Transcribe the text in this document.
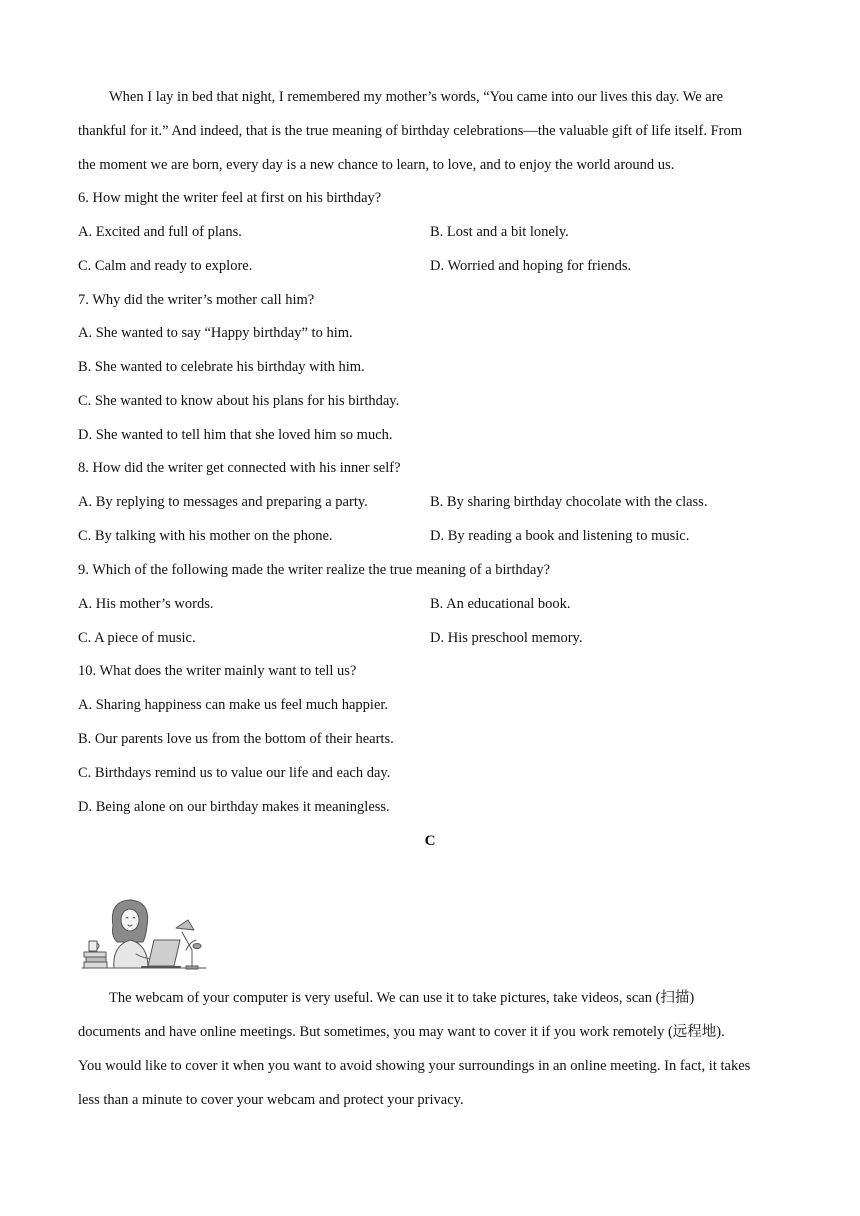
When I lay in bed that night, I remembered my mother’s words, “You came into our lives this day. We are
thankful for it.” And indeed, that is the true meaning of birthday celebrations—the valuable gift of life itself. From
the moment we are born, every day is a new chance to learn, to love, and to enjoy the world around us.
6. How might the writer feel at first on his birthday?
A. Excited and full of plans.	B. Lost and a bit lonely.
C. Calm and ready to explore.	D. Worried and hoping for friends.
7. Why did the writer’s mother call him?
A. She wanted to say “Happy birthday” to him.
B. She wanted to celebrate his birthday with him.
C. She wanted to know about his plans for his birthday.
D. She wanted to tell him that she loved him so much.
8. How did the writer get connected with his inner self?
A. By replying to messages and preparing a party.	B. By sharing birthday chocolate with the class.
C. By talking with his mother on the phone.	D. By reading a book and listening to music.
9. Which of the following made the writer realize the true meaning of a birthday?
A. His mother’s words.	B. An educational book.
C. A piece of music.	D. His preschool memory.
10. What does the writer mainly want to tell us?
A. Sharing happiness can make us feel much happier.
B. Our parents love us from the bottom of their hearts.
C. Birthdays remind us to value our life and each day.
D. Being alone on our birthday makes it meaningless.
C
The webcam of your computer is very useful. We can use it to take pictures, take videos, scan (扫描)
documents and have online meetings. But sometimes, you may want to cover it if you work remotely (远程地).
You would like to cover it when you want to avoid showing your surroundings in an online meeting. In fact, it takes
less than a minute to cover your webcam and protect your privacy.
